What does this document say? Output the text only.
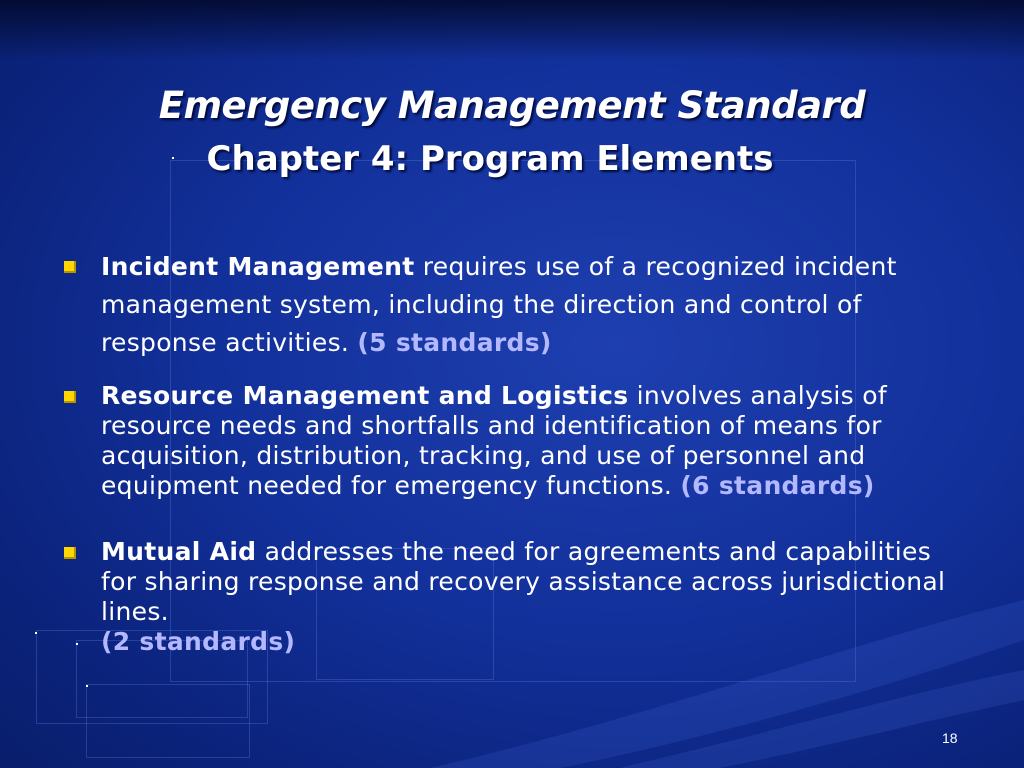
Emergency Management Standard
Chapter 4: Program Elements
Incident Management requires use of a recognized incident management system, including the direction and control of response activities. (5 standards)
Resource Management and Logistics involves analysis of resource needs and shortfalls and identification of means for acquisition, distribution, tracking, and use of personnel and equipment needed for emergency functions. (6 standards)
Mutual Aid addresses the need for agreements and capabilities for sharing response and recovery assistance across jurisdictional lines.
(2 standards)
18
